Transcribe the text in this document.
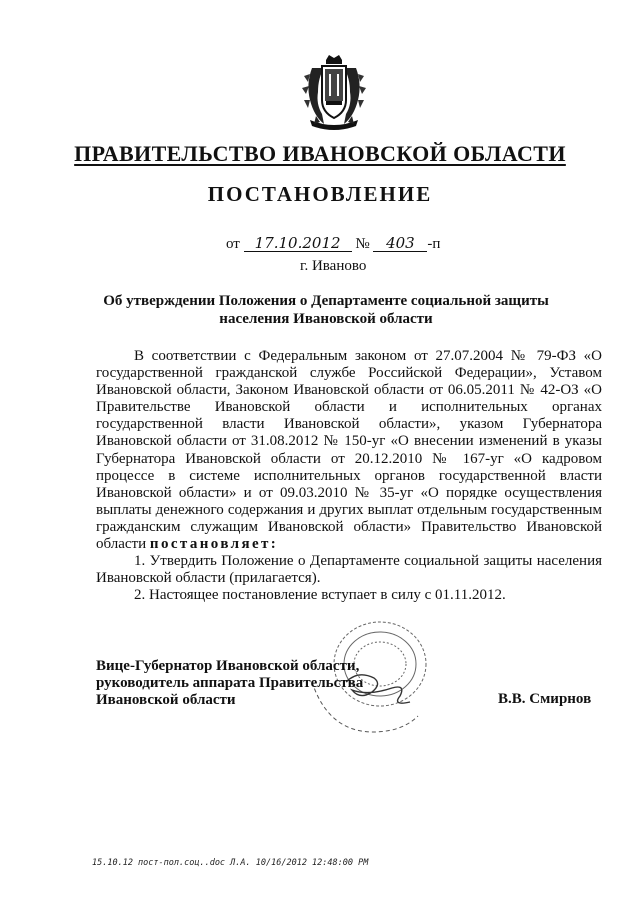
ПРАВИТЕЛЬСТВО ИВАНОВСКОЙ ОБЛАСТИ
ПОСТАНОВЛЕНИЕ
от 17.10.2012 № 403 -п
г. Иваново
Об утверждении Положения о Департаменте социальной защиты
населения Ивановской области

В соответствии с Федеральным законом от 27.07.2004 № 79-ФЗ «О государственной гражданской службе Российской Федерации», Уставом Ивановской области, Законом Ивановской области от 06.05.2011 № 42-ОЗ «О Правительстве Ивановской области и исполнительных органах государственной власти Ивановской области», указом Губернатора Ивановской области от 31.08.2012 № 150-уг «О внесении изменений в указы Губернатора Ивановской области от 20.12.2010 № 167-уг «О кадровом процессе в системе исполнительных органов государственной власти Ивановской области» и от 09.03.2010 № 35-уг «О порядке осуществления выплаты денежного содержания и других выплат отдельным государственным гражданским служащим Ивановской области» Правительство Ивановской области постановляет:

1. Утвердить Положение о Департаменте социальной защиты населения Ивановской области (прилагается).

2. Настоящее постановление вступает в силу с 01.11.2012.

Вице-Губернатор Ивановской области,
руководитель аппарата Правительства
Ивановской области	В.В. Смирнов
15.10.12 пост-пол.соц..doc Л.А. 10/16/2012 12:48:00 PM
